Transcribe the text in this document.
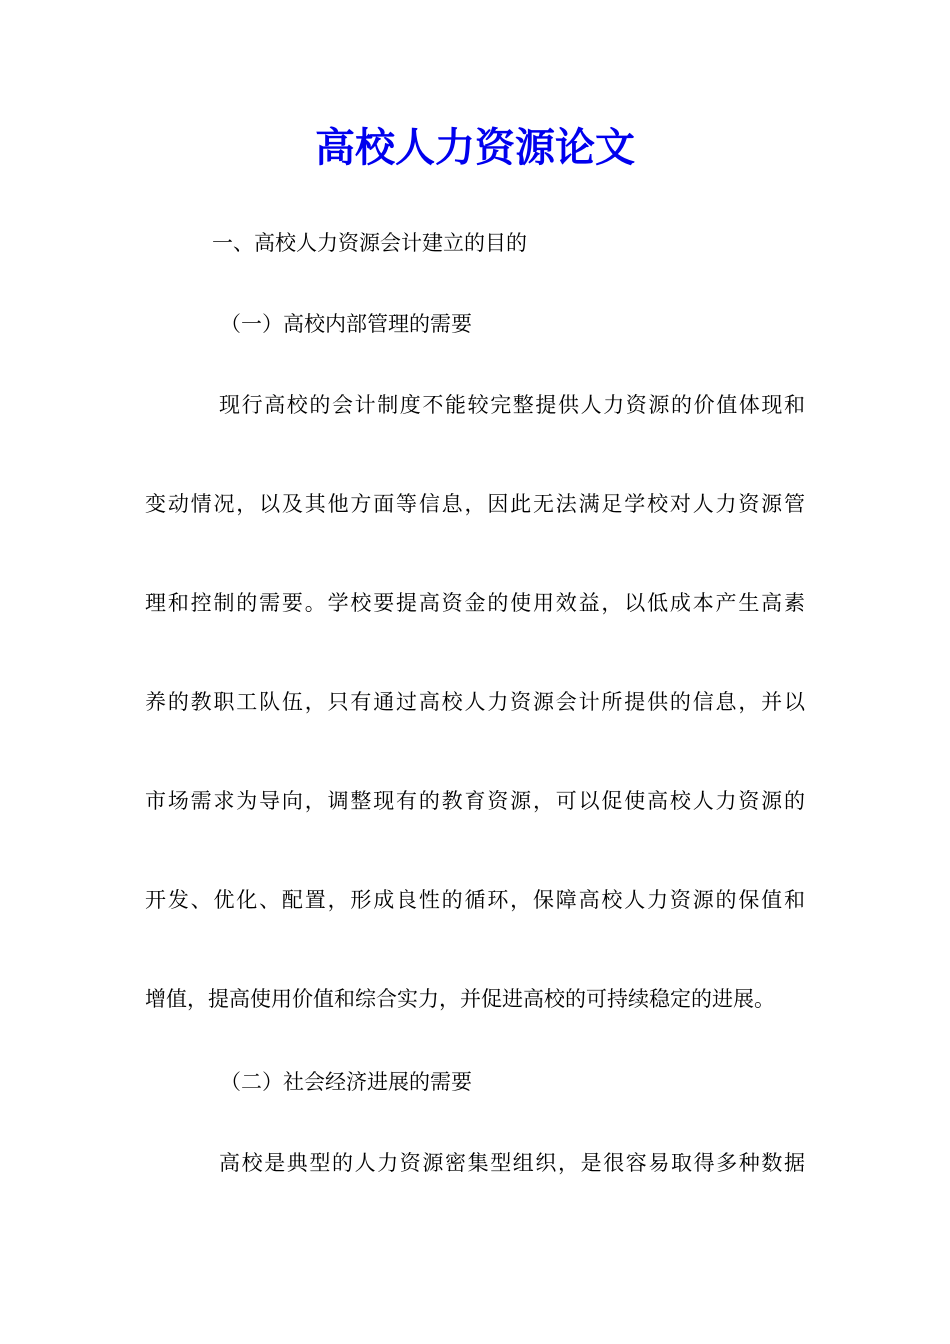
高校人力资源论文

一、高校人力资源会计建立的目的

（一）高校内部管理的需要

现行高校的会计制度不能较完整提供人力资源的价值体现和
变动情况，以及其他方面等信息，因此无法满足学校对人力资源管
理和控制的需要。学校要提高资金的使用效益，以低成本产生高素
养的教职工队伍，只有通过高校人力资源会计所提供的信息，并以
市场需求为导向，调整现有的教育资源，可以促使高校人力资源的
开发、优化、配置，形成良性的循环，保障高校人力资源的保值和
增值，提高使用价值和综合实力，并促进高校的可持续稳定的进展。

（二）社会经济进展的需要

高校是典型的人力资源密集型组织，是很容易取得多种数据
